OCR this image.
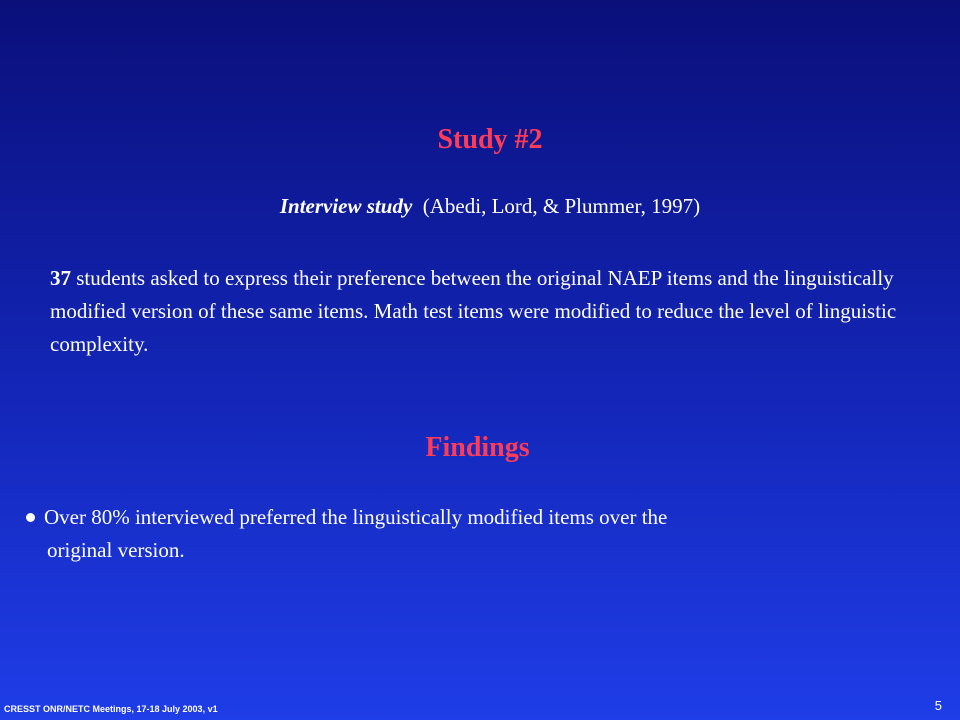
Study #2
Interview study (Abedi, Lord, & Plummer, 1997)
37 students asked to express their preference between the original NAEP items and the linguistically modified version of these same items. Math test items were modified to reduce the level of linguistic complexity.
Findings
Over 80% interviewed preferred the linguistically modified items over the
original version.
CRESST ONR/NETC Meetings, 17-18 July 2003, v1	5
